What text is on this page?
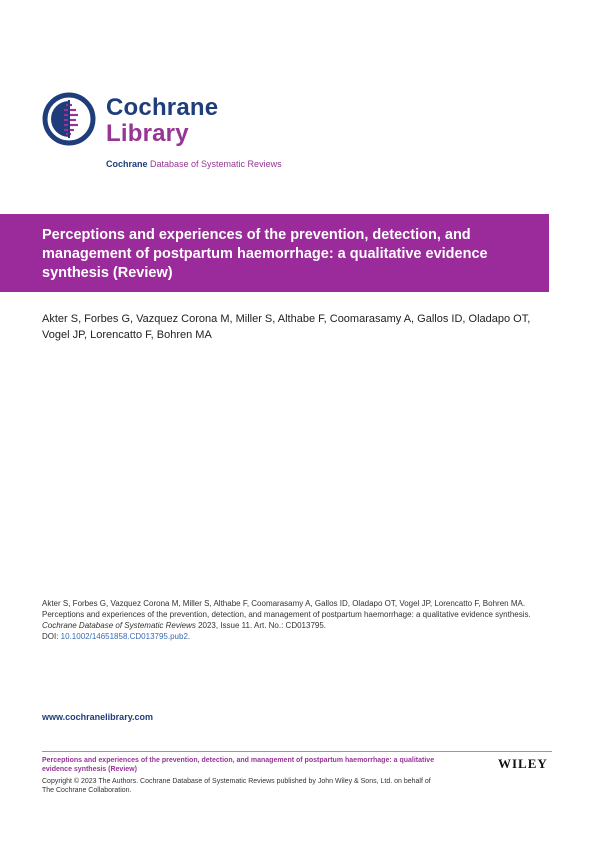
Cochrane
Library
Cochrane Database of Systematic Reviews
Perceptions and experiences of the prevention, detection, and management of postpartum haemorrhage: a qualitative evidence synthesis (Review)
Akter S, Forbes G, Vazquez Corona M, Miller S, Althabe F, Coomarasamy A, Gallos ID, Oladapo OT, Vogel JP, Lorencatto F, Bohren MA
Akter S, Forbes G, Vazquez Corona M, Miller S, Althabe F, Coomarasamy A, Gallos ID, Oladapo OT, Vogel JP, Lorencatto F, Bohren MA.
Perceptions and experiences of the prevention, detection, and management of postpartum haemorrhage: a qualitative evidence synthesis.
Cochrane Database of Systematic Reviews 2023, Issue 11. Art. No.: CD013795.
DOI: 10.1002/14651858.CD013795.pub2.
www.cochranelibrary.com
Perceptions and experiences of the prevention, detection, and management of postpartum haemorrhage: a qualitative evidence synthesis (Review)
Copyright © 2023 The Authors. Cochrane Database of Systematic Reviews published by John Wiley & Sons, Ltd. on behalf of The Cochrane Collaboration.
WILEY
